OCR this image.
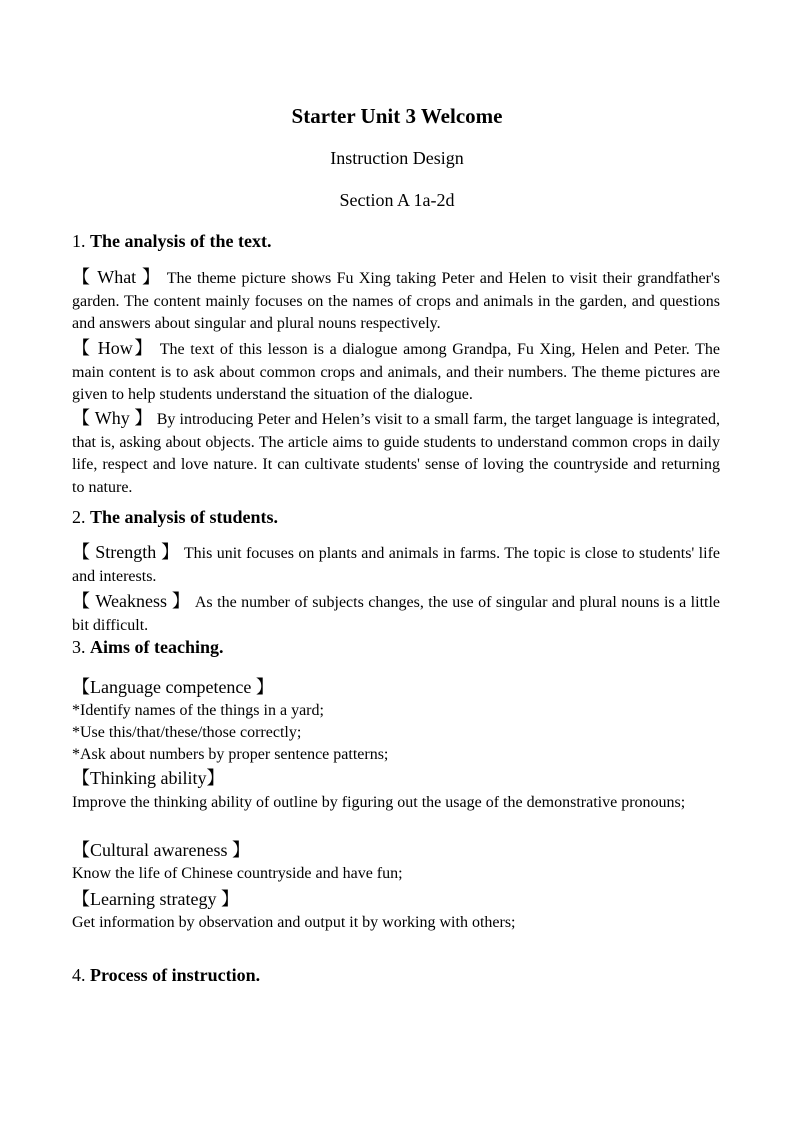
Starter Unit 3 Welcome
Instruction Design
Section A 1a-2d
1. The analysis of the text.
【 What 】 The theme picture shows Fu Xing taking Peter and Helen to visit their grandfather's garden. The content mainly focuses on the names of crops and animals in the garden, and questions and answers about singular and plural nouns respectively.
【 How】 The text of this lesson is a dialogue among Grandpa, Fu Xing, Helen and Peter. The main content is to ask about common crops and animals, and their numbers. The theme pictures are given to help students understand the situation of the dialogue.
【 Why 】 By introducing Peter and Helen’s visit to a small farm, the target language is integrated, that is, asking about objects. The article aims to guide students to understand common crops in daily life, respect and love nature. It can cultivate students' sense of loving the countryside and returning to nature.
2. The analysis of students.
【 Strength 】 This unit focuses on plants and animals in farms. The topic is close to students' life and interests.
【 Weakness 】 As the number of subjects changes, the use of singular and plural nouns is a little bit difficult.
3. Aims of teaching.
【Language competence 】
*Identify names of the things in a yard;
*Use this/that/these/those correctly;
*Ask about numbers by proper sentence patterns;
【Thinking ability】
Improve the thinking ability of outline by figuring out the usage of the demonstrative pronouns;
【Cultural awareness 】
Know the life of Chinese countryside and have fun;
【Learning strategy 】
Get information by observation and output it by working with others;
4. Process of instruction.
